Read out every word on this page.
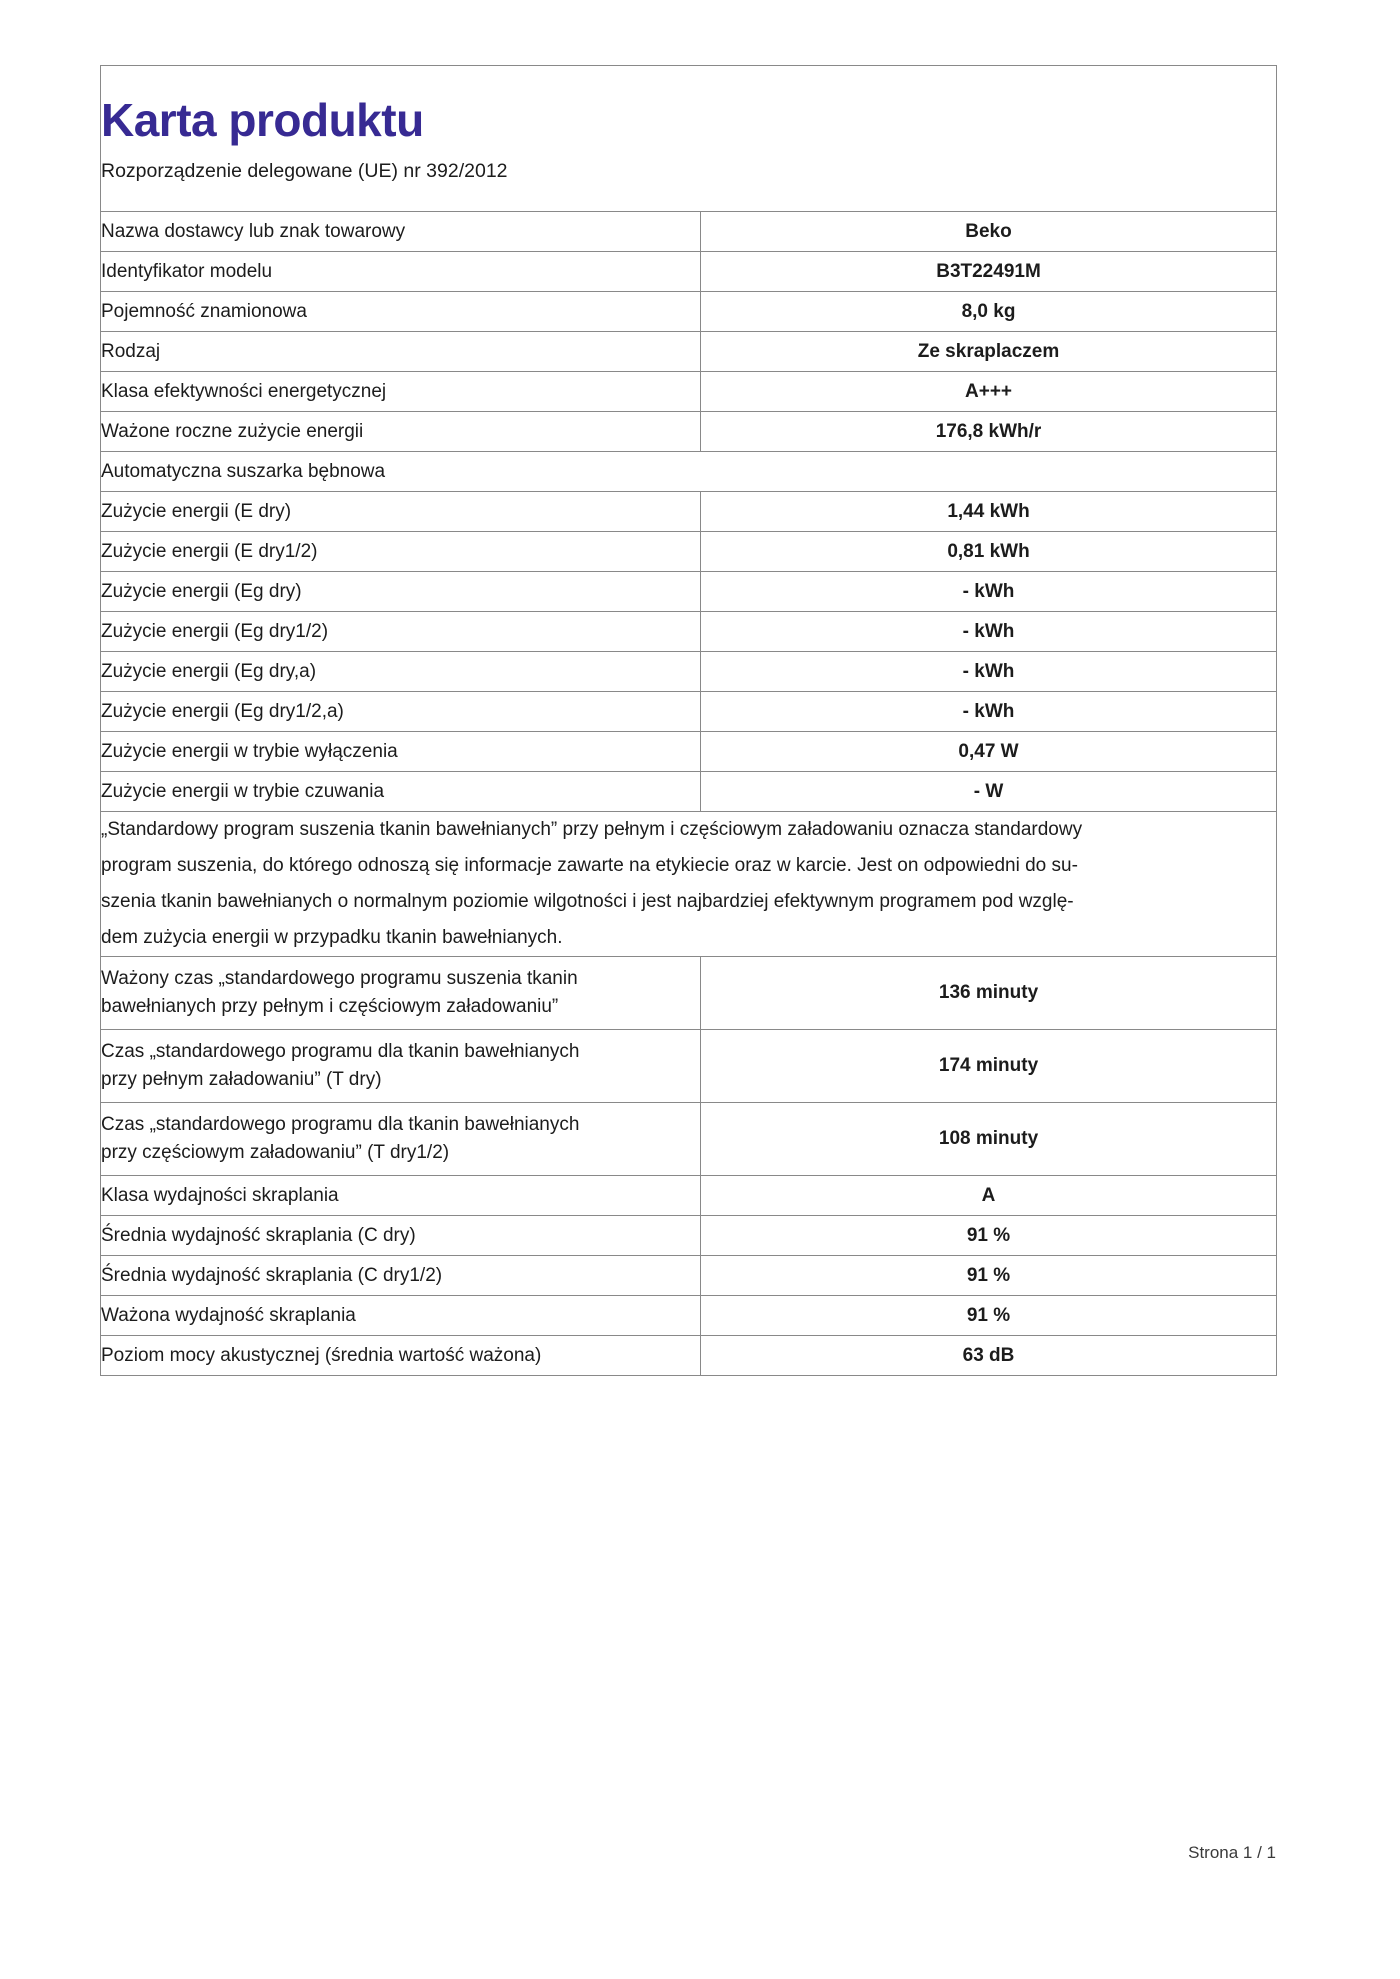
Karta produktu
Rozporządzenie delegowane (UE) nr 392/2012

Nazwa dostawcy lub znak towarowy	Beko

Identyfikator modelu	B3T22491M

Pojemność znamionowa	8,0 kg

Rodzaj	Ze skraplaczem

Klasa efektywności energetycznej	A+++

Ważone roczne zużycie energii	176,8 kWh/r
Automatyczna suszarka bębnowa	

Zużycie energii (E dry)	1,44 kWh

Zużycie energii (E dry1/2)	0,81 kWh

Zużycie energii (Eg dry)	- kWh

Zużycie energii (Eg dry1/2)	- kWh

Zużycie energii (Eg dry,a)	- kWh

Zużycie energii (Eg dry1/2,a)	- kWh

Zużycie energii w trybie wyłączenia	0,47 W

Zużycie energii w trybie czuwania	- W

„Standardowy program suszenia tkanin bawełnianych” przy pełnym i częściowym załadowaniu oznacza standardowy
program suszenia, do którego odnoszą się informacje zawarte na etykiecie oraz w karcie. Jest on odpowiedni do su-
szenia tkanin bawełnianych o normalnym poziomie wilgotności i jest najbardziej efektywnym programem pod wzglę-
dem zużycia energii w przypadku tkanin bawełnianych.	

Ważony czas „standardowego programu suszenia tkanin
bawełnianych przy pełnym i częściowym załadowaniu”	136 minuty

Czas „standardowego programu dla tkanin bawełnianych
przy pełnym załadowaniu” (T dry)	174 minuty

Czas „standardowego programu dla tkanin bawełnianych
przy częściowym załadowaniu” (T dry1/2)	108 minuty

Klasa wydajności skraplania	A

Średnia wydajność skraplania (C dry)	91 %

Średnia wydajność skraplania (C dry1/2)	91 %

Ważona wydajność skraplania	91 %

Poziom mocy akustycznej (średnia wartość ważona)	63 dB
Strona 1 / 1
